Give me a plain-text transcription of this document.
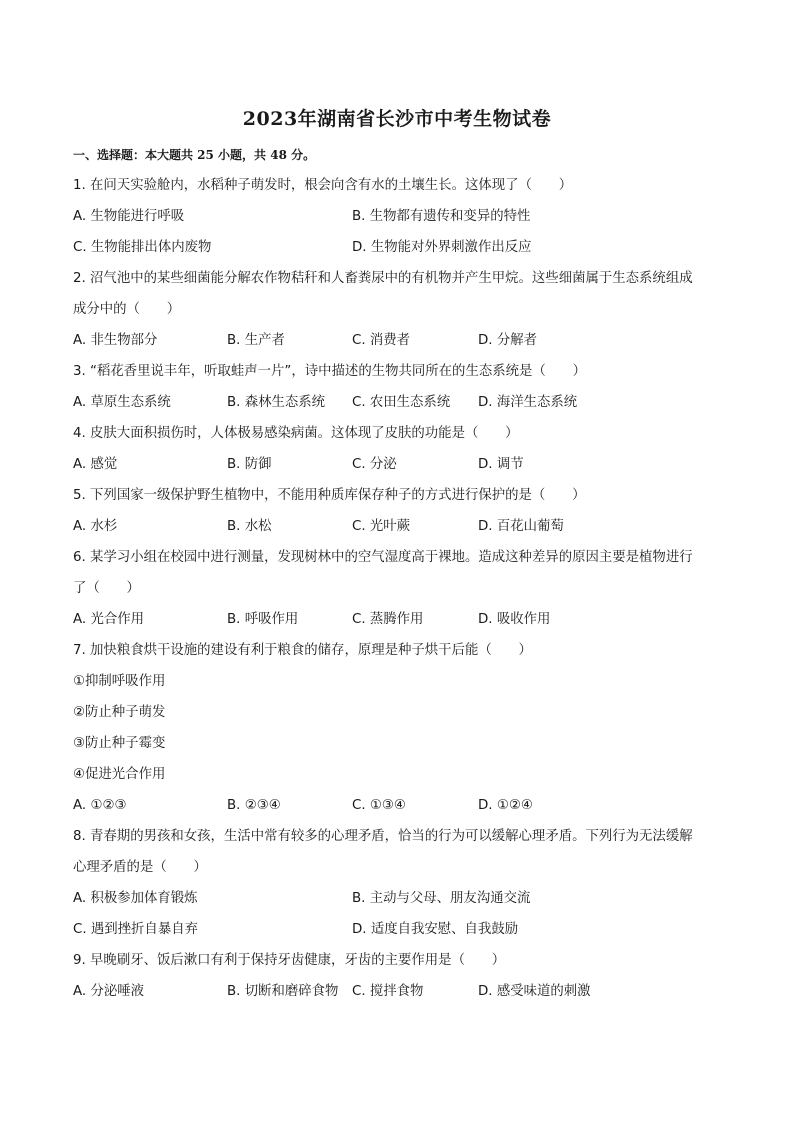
2023年湖南省长沙市中考生物试卷
一、选择题：本大题共 25 小题，共 48 分。
1. 在问天实验舱内，水稻种子萌发时，根会向含有水的土壤生长。这体现了（　　）
A. 生物能进行呼吸	B. 生物都有遗传和变异的特性
C. 生物能排出体内废物	D. 生物能对外界刺激作出反应
2. 沼气池中的某些细菌能分解农作物秸秆和人畜粪尿中的有机物并产生甲烷。这些细菌属于生态系统组成
成分中的（　　）
A. 非生物部分	B. 生产者	C. 消费者	D. 分解者
3. “稻花香里说丰年，听取蛙声一片”，诗中描述的生物共同所在的生态系统是（　　）
A. 草原生态系统	B. 森林生态系统 C. 农田生态系统 D. 海洋生态系统
4. 皮肤大面积损伤时，人体极易感染病菌。这体现了皮肤的功能是（　　）
A. 感觉	B. 防御	C. 分泌	D. 调节
5. 下列国家一级保护野生植物中，不能用种质库保存种子的方式进行保护的是（　　）
A. 水杉	B. 水松	C. 光叶蕨	D. 百花山葡萄
6. 某学习小组在校园中进行测量，发现树林中的空气湿度高于裸地。造成这种差异的原因主要是植物进行
了（　　）
A. 光合作用	B. 呼吸作用	C. 蒸腾作用	D. 吸收作用
7. 加快粮食烘干设施的建设有利于粮食的储存，原理是种子烘干后能（　　）
①抑制呼吸作用
②防止种子萌发
③防止种子霉变
④促进光合作用
A. ①②③	B. ②③④	C. ①③④	D. ①②④
8. 青春期的男孩和女孩，生活中常有较多的心理矛盾，恰当的行为可以缓解心理矛盾。下列行为无法缓解
心理矛盾的是（　　）
A. 积极参加体育锻炼	B. 主动与父母、朋友沟通交流
C. 遇到挫折自暴自弃	D. 适度自我安慰、自我鼓励
9. 早晚刷牙、饭后漱口有利于保持牙齿健康，牙齿的主要作用是（　　）
A. 分泌唾液	B. 切断和磨碎食物 C. 搅拌食物	D. 感受味道的刺激
